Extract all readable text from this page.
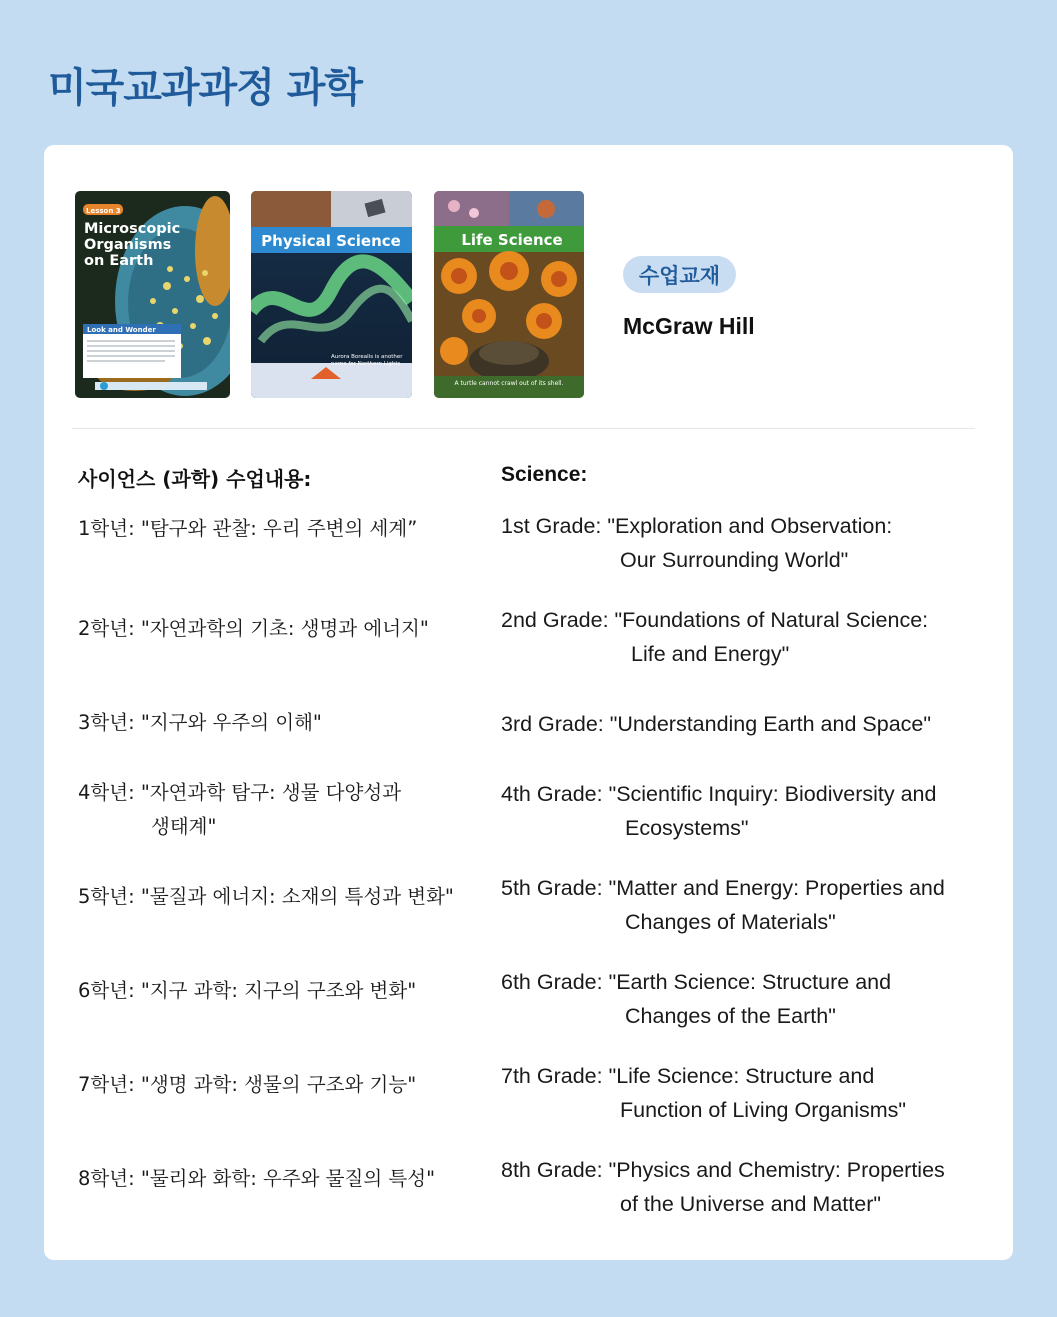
미국교과과정 과학
Lesson 3
Microscopic
Organisms
on Earth
Look and Wonder
Physical Science
Aurora Borealis is another
name for Northern Lights.
Life Science
A turtle cannot crawl out of its shell.
수업교재
McGraw Hill
사이언스 (과학) 수업내용:	Science:
1학년: "탐구와 관찰: 우리 주변의 세계”
2학년: "자연과학의 기초: 생명과 에너지"
3학년: "지구와 우주의 이해"
4학년: "자연과학 탐구: 생물 다양성과
생태계"
5학년: "물질과 에너지: 소재의 특성과 변화"
6학년: "지구 과학: 지구의 구조와 변화"
7학년: "생명 과학: 생물의 구조와 기능"
8학년: "물리와 화학: 우주와 물질의 특성"
1st Grade: "Exploration and Observation:
Our Surrounding World"
2nd Grade: "Foundations of Natural Science:
Life and Energy"
3rd Grade: "Understanding Earth and Space"
4th Grade: "Scientific Inquiry: Biodiversity and
Ecosystems"
5th Grade: "Matter and Energy: Properties and
Changes of Materials"
6th Grade: "Earth Science: Structure and
Changes of the Earth"
7th Grade: "Life Science: Structure and
Function of Living Organisms"
8th Grade: "Physics and Chemistry: Properties
of the Universe and Matter"
